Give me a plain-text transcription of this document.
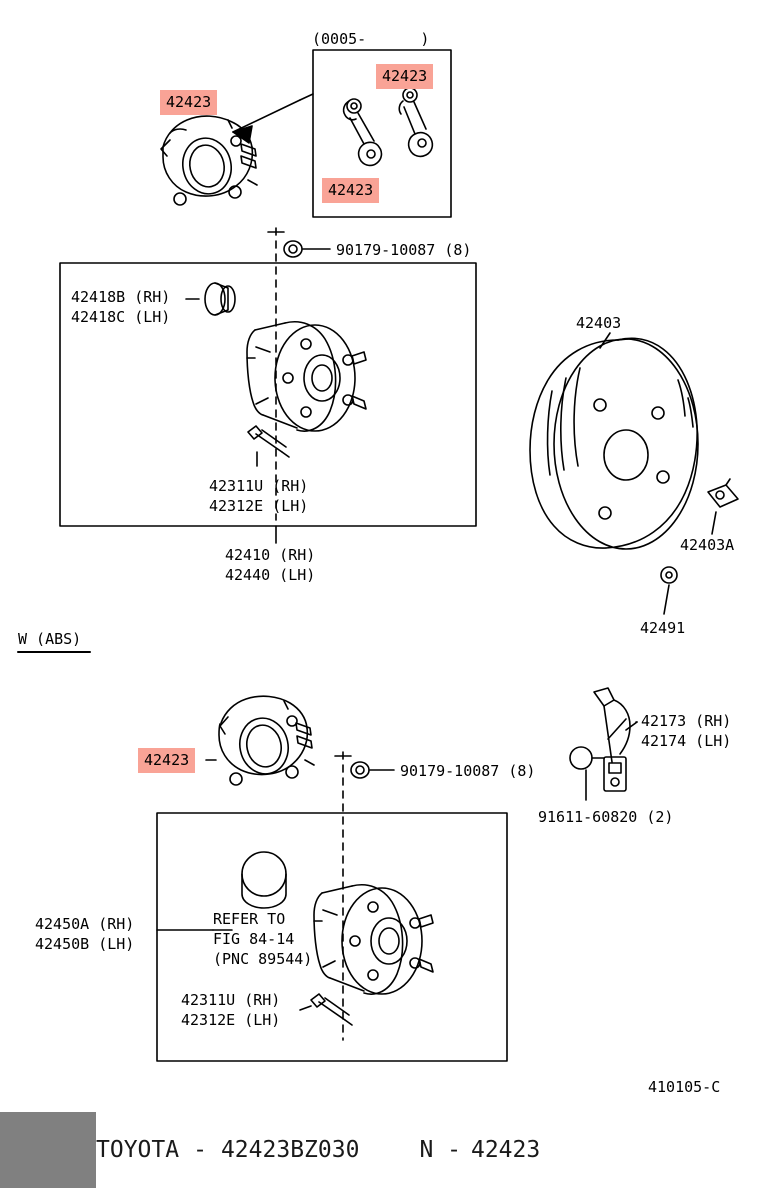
(0005-      )
42423
42423
42423
90179-10087 (8)
42418B (RH)
42418C (LH)
42311U (RH)
42312E (LH)
42410 (RH)
42440 (LH)
42403
42403A
42491
W (ABS)
42423
90179-10087 (8)
42173 (RH)
42174 (LH)
91611-60820 (2)
42450A (RH)
42450B (LH)
REFER TO
FIG 84-14
(PNC 89544)
42311U (RH)
42312E (LH)
410105-C
TOYOTA - 42423BZ030	N - 42423
